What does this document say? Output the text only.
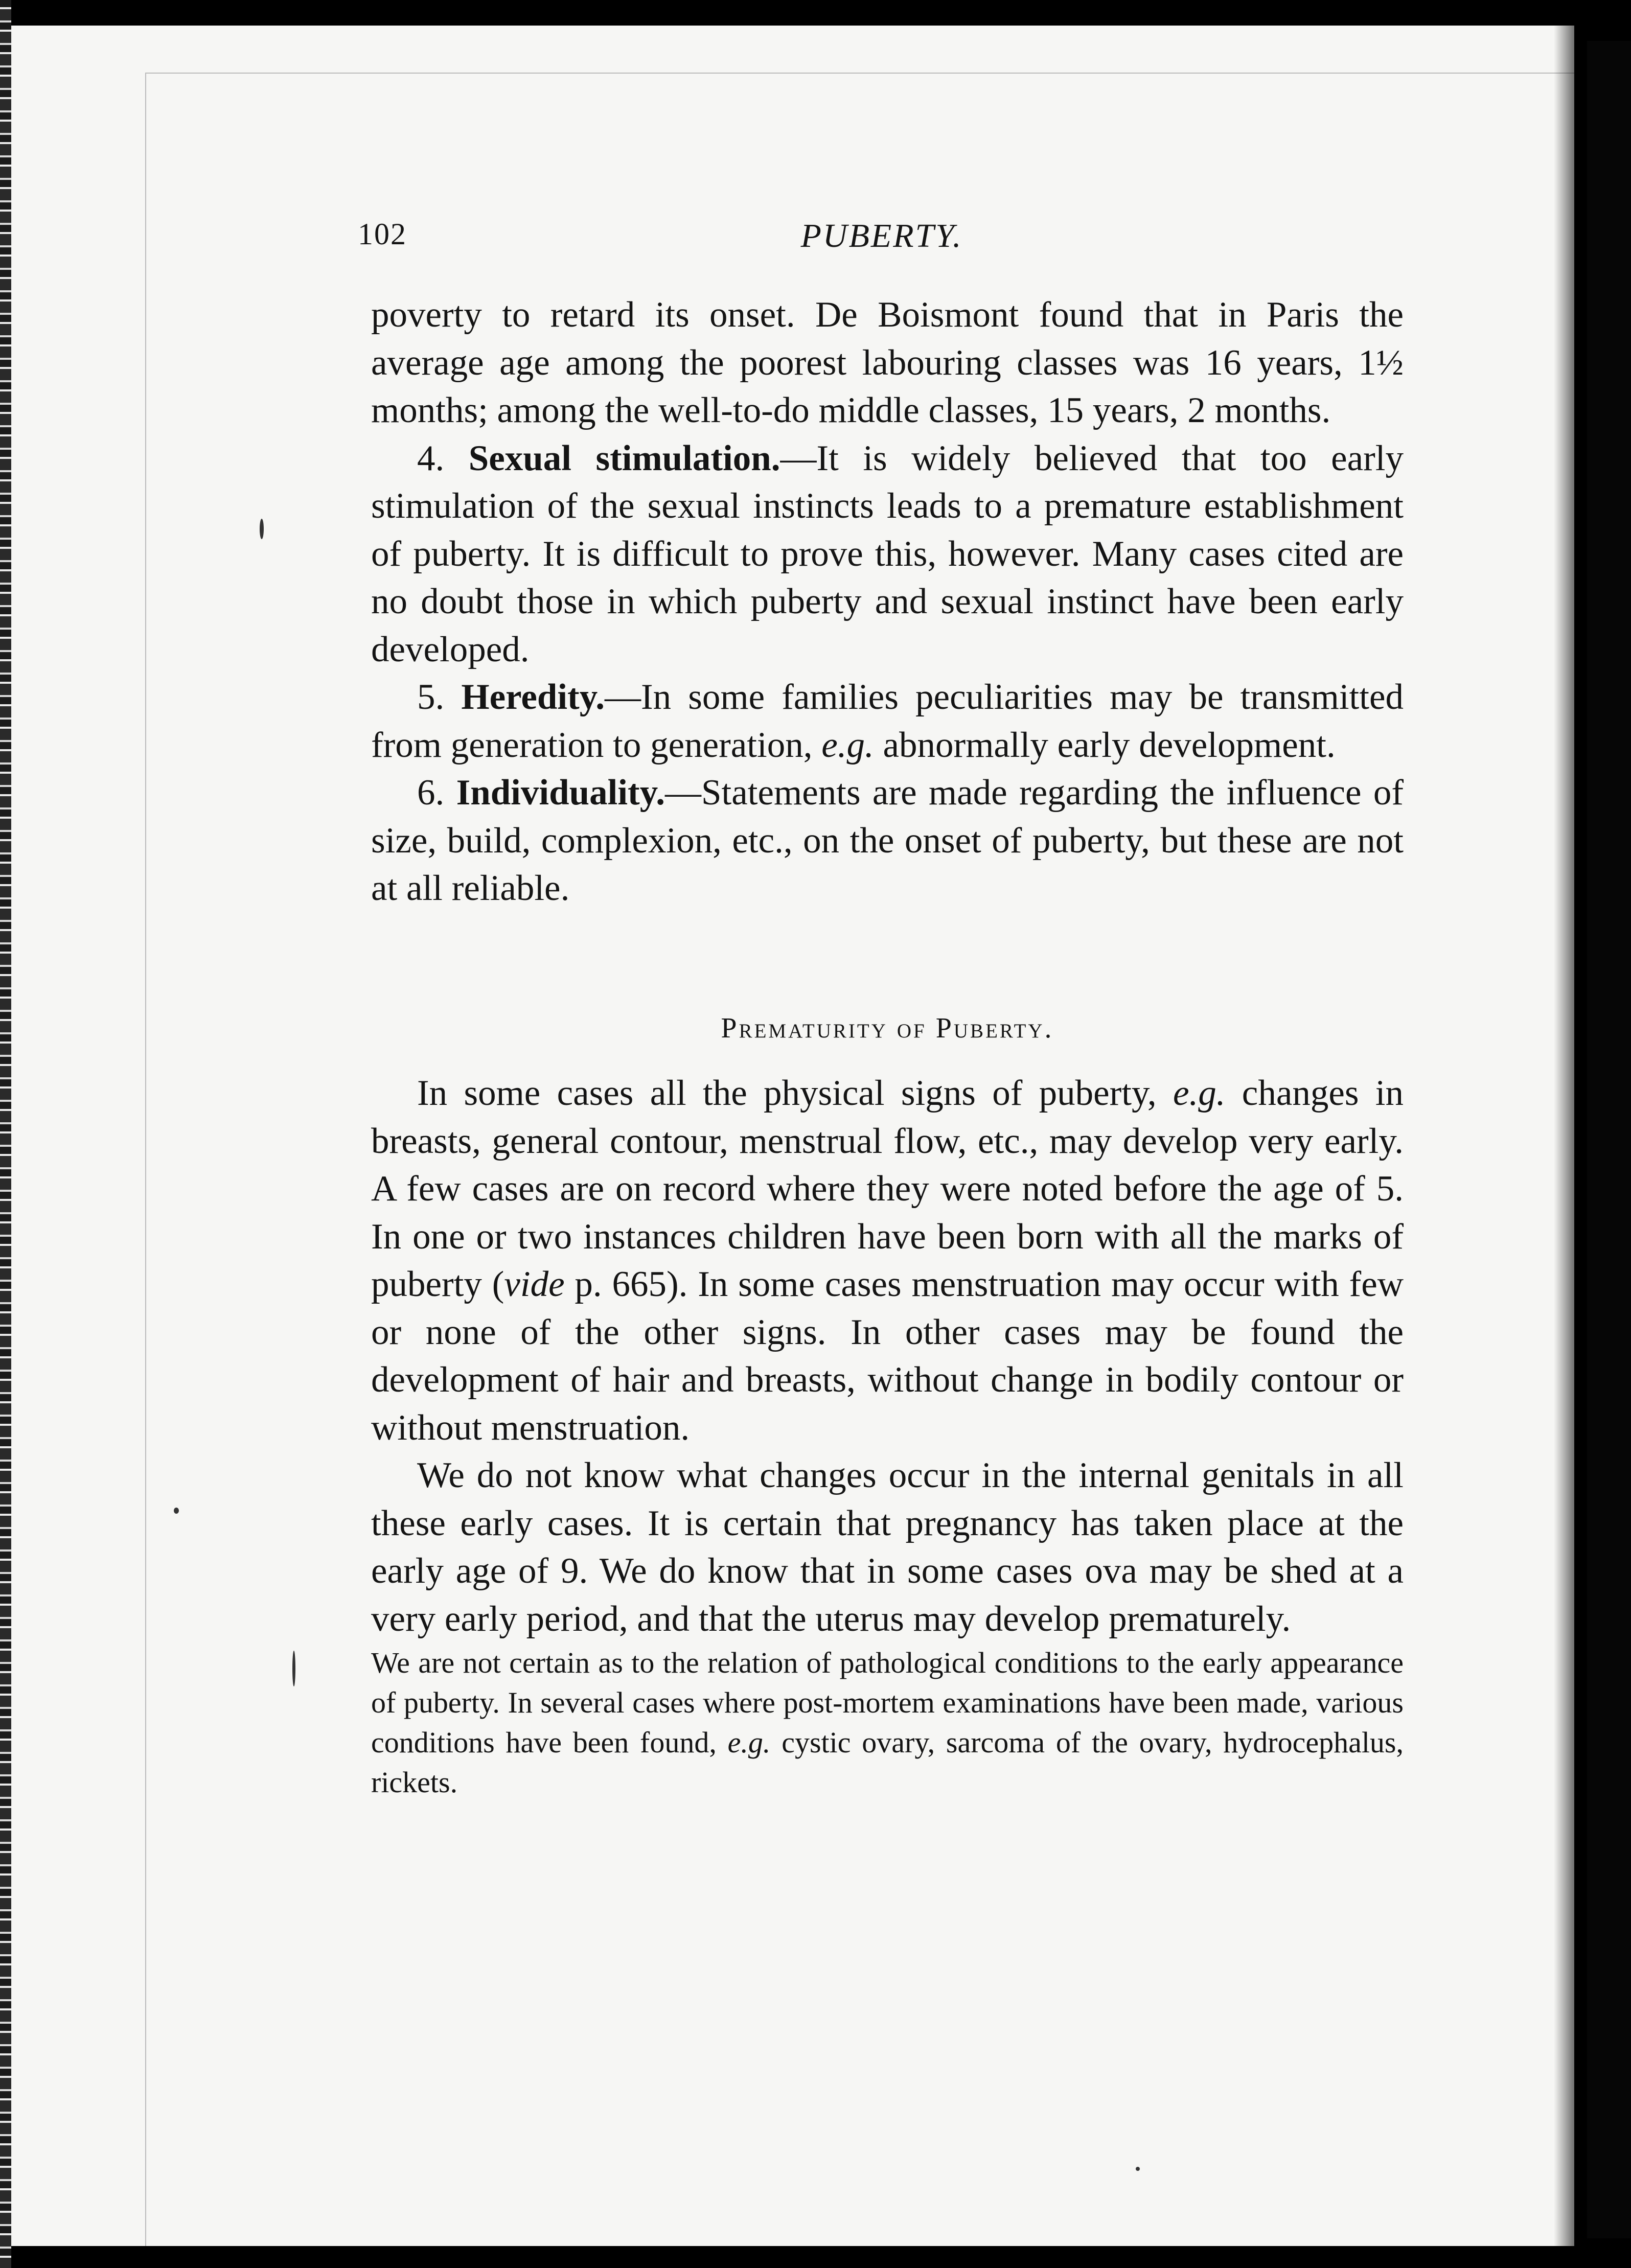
102	PUBERTY.

poverty to retard its onset. De Boismont found that in Paris the average age among the poorest labouring classes was 16 years, 1½ months; among the well-to-do middle classes, 15 years, 2 months.

4. Sexual stimulation.—It is widely believed that too early stimulation of the sexual instincts leads to a premature establishment of puberty. It is difficult to prove this, however. Many cases cited are no doubt those in which puberty and sexual instinct have been early developed.

5. Heredity.—In some families peculiarities may be transmitted from generation to generation, e.g. abnormally early development.

6. Individuality.—Statements are made regarding the influence of size, build, complexion, etc., on the onset of puberty, but these are not at all reliable.

Prematurity of Puberty.

In some cases all the physical signs of puberty, e.g. changes in breasts, general contour, menstrual flow, etc., may develop very early. A few cases are on record where they were noted before the age of 5. In one or two instances children have been born with all the marks of puberty (vide p. 665). In some cases menstruation may occur with few or none of the other signs. In other cases may be found the development of hair and breasts, without change in bodily contour or without menstruation.

We do not know what changes occur in the internal genitals in all these early cases. It is certain that pregnancy has taken place at the early age of 9. We do know that in some cases ova may be shed at a very early period, and that the uterus may develop prematurely.

We are not certain as to the relation of pathological conditions to the early appearance of puberty. In several cases where post-mortem examinations have been made, various conditions have been found, e.g. cystic ovary, sarcoma of the ovary, hydrocephalus, rickets.
